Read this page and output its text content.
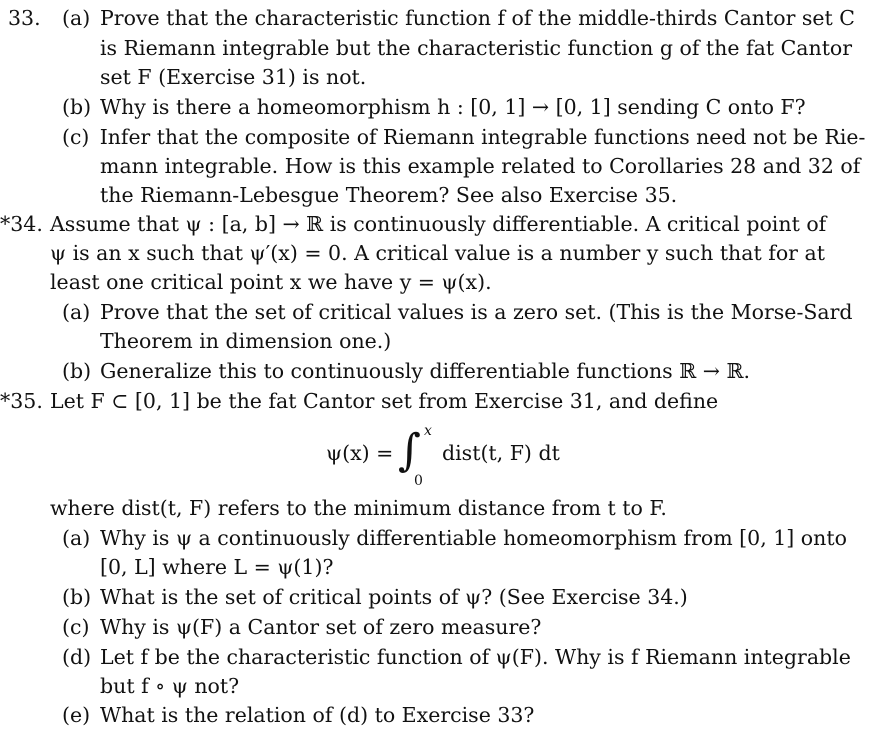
33. (a) Prove that the characteristic function f of the middle-thirds Cantor set C
is Riemann integrable but the characteristic function g of the fat Cantor
set F (Exercise 31) is not.
(b) Why is there a homeomorphism h : [0, 1] → [0, 1] sending C onto F?
(c) Infer that the composite of Riemann integrable functions need not be Rie-
mann integrable. How is this example related to Corollaries 28 and 32 of
the Riemann-Lebesgue Theorem? See also Exercise 35.
*34. Assume that ψ : [a, b] → ℝ is continuously differentiable. A critical point of
ψ is an x such that ψ′(x) = 0. A critical value is a number y such that for at
least one critical point x we have y = ψ(x).
(a) Prove that the set of critical values is a zero set. (This is the Morse-Sard
Theorem in dimension one.)
(b) Generalize this to continuously differentiable functions ℝ → ℝ.
*35. Let F ⊂ [0, 1] be the fat Cantor set from Exercise 31, and define
ψ(x) = ∫ x
0
dist(t, F) dt
where dist(t, F) refers to the minimum distance from t to F.
(a) Why is ψ a continuously differentiable homeomorphism from [0, 1] onto
[0, L] where L = ψ(1)?
(b) What is the set of critical points of ψ? (See Exercise 34.)
(c) Why is ψ(F) a Cantor set of zero measure?
(d) Let f be the characteristic function of ψ(F). Why is f Riemann integrable
but f ∘ ψ not?
(e) What is the relation of (d) to Exercise 33?
